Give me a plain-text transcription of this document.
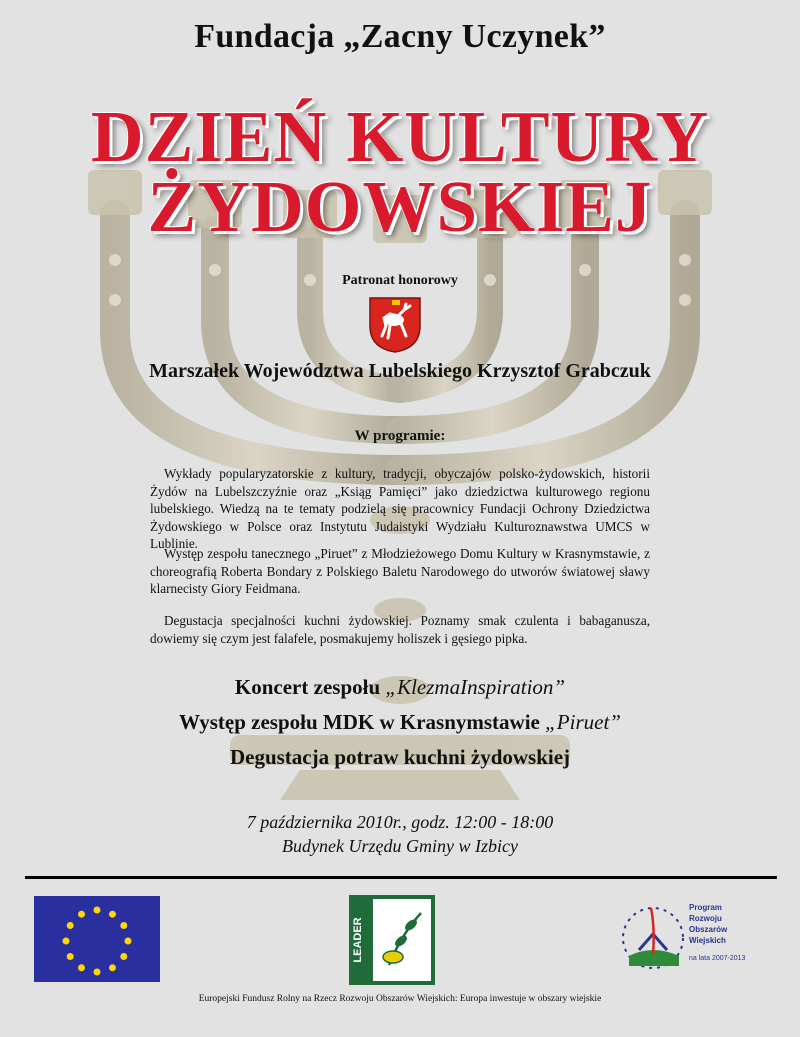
Fundacja „Zacny Uczynek”
DZIEŃ KULTURY
ŻYDOWSKIEJ
Patronat honorowy
Marszałek Województwa Lubelskiego Krzysztof Grabczuk
W programie:
Wykłady popularyzatorskie z kultury, tradycji, obyczajów polsko-żydowskich, historii Żydów na Lubelszczyźnie oraz „Ksiąg Pamięci” jako dziedzictwa kulturowego regionu lubelskiego. Wiedzą na te tematy podzielą się pracownicy Fundacji Ochrony Dziedzictwa Żydowskiego w Polsce oraz Instytutu Judaistyki Wydziału Kulturoznawstwa UMCS w Lublinie.
Występ zespołu tanecznego „Piruet” z Młodzieżowego Domu Kultury w Krasnymstawie, z choreografią Roberta Bondary z Polskiego Baletu Narodowego do utworów światowej sławy klarnecisty Giory Feidmana.
Degustacja specjalności kuchni żydowskiej. Poznamy smak czulenta i babaganusza, dowiemy się czym jest falafele, posmakujemy holiszek i gęsiego pipka.
Koncert zespołu „KlezmaInspiration”
Występ zespołu MDK w Krasnymstawie „Piruet”
Degustacja potraw kuchni żydowskiej
7 października 2010r., godz. 12:00 - 18:00
Budynek Urzędu Gminy w Izbicy
LEADER
Program
Rozwoju
Obszarów
Wiejskich
na lata 2007-2013
Europejski Fundusz Rolny na Rzecz Rozwoju Obszarów Wiejskich: Europa inwestuje w obszary wiejskie
